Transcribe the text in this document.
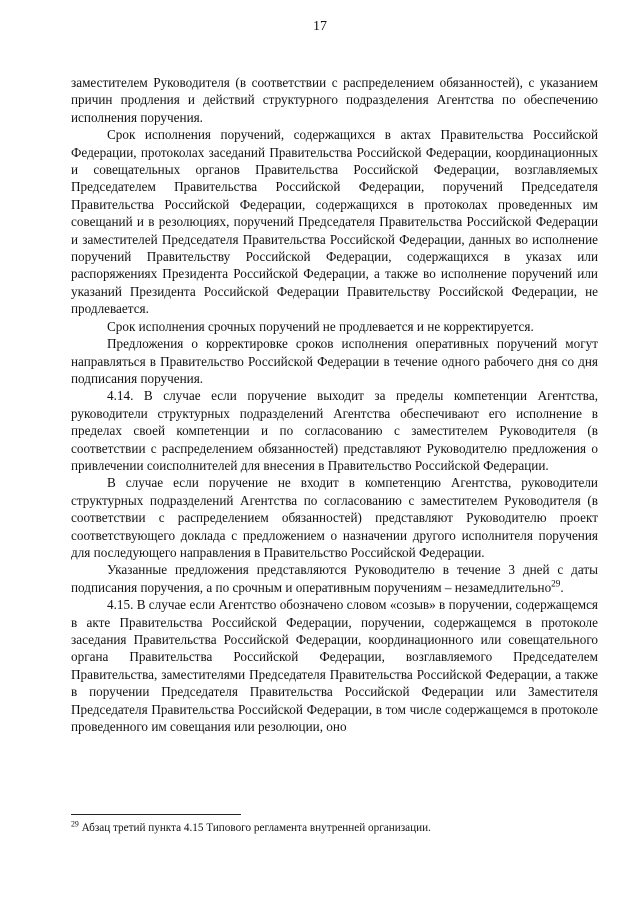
17

заместителем Руководителя (в соответствии с распределением обязанностей), с указанием причин продления и действий структурного подразделения Агентства по обеспечению исполнения поручения.

Срок исполнения поручений, содержащихся в актах Правительства Российской Федерации, протоколах заседаний Правительства Российской Федерации, координационных и совещательных органов Правительства Российской Федерации, возглавляемых Председателем Правительства Российской Федерации, поручений Председателя Правительства Российской Федерации, содержащихся в протоколах проведенных им совещаний и в резолюциях, поручений Председателя Правительства Российской Федерации и заместителей Председателя Правительства Российской Федерации, данных во исполнение поручений Правительству Российской Федерации, содержащихся в указах или распоряжениях Президента Российской Федерации, а также во исполнение поручений или указаний Президента Российской Федерации Правительству Российской Федерации, не продлевается.

Срок исполнения срочных поручений не продлевается и не корректируется.

Предложения о корректировке сроков исполнения оперативных поручений могут направляться в Правительство Российской Федерации в течение одного рабочего дня со дня подписания поручения.

4.14. В случае если поручение выходит за пределы компетенции Агентства, руководители структурных подразделений Агентства обеспечивают его исполнение в пределах своей компетенции и по согласованию с заместителем Руководителя (в соответствии с распределением обязанностей) представляют Руководителю предложения о привлечении соисполнителей для внесения в Правительство Российской Федерации.

В случае если поручение не входит в компетенцию Агентства, руководители структурных подразделений Агентства по согласованию с заместителем Руководителя (в соответствии с распределением обязанностей) представляют Руководителю проект соответствующего доклада с предложением о назначении другого исполнителя поручения для последующего направления в Правительство Российской Федерации.

Указанные предложения представляются Руководителю в течение 3 дней с даты подписания поручения, а по срочным и оперативным поручениям – незамедлительно$^{29}$.

4.15. В случае если Агентство обозначено словом «созыв» в поручении, содержащемся в акте Правительства Российской Федерации, поручении, содержащемся в протоколе заседания Правительства Российской Федерации, координационного или совещательного органа Правительства Российской Федерации, возглавляемого Председателем Правительства, заместителями Председателя Правительства Российской Федерации, а также в поручении Председателя Правительства Российской Федерации или Заместителя Председателя Правительства Российской Федерации, в том числе содержащемся в протоколе проведенного им совещания или резолюции, оно

$^{29}$ Абзац третий пункта 4.15 Типового регламента внутренней организации.
